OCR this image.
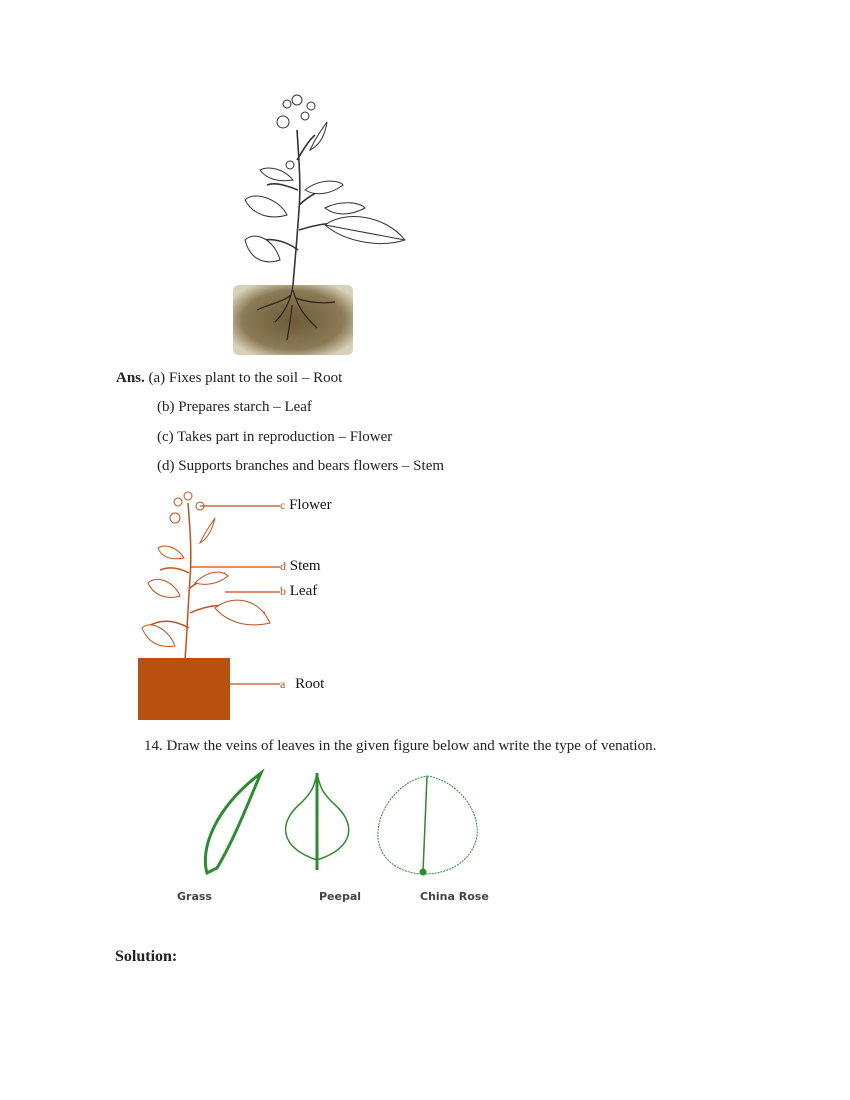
Ans. (a) Fixes plant to the soil – Root
(b) Prepares starch – Leaf
(c) Takes part in reproduction – Flower
(d) Supports branches and bears flowers – Stem
c Flower
d Stem
b Leaf
a Root
14. Draw the veins of leaves in the given figure below and write the type of venation.
Grass	Peepal	China Rose
Solution:
